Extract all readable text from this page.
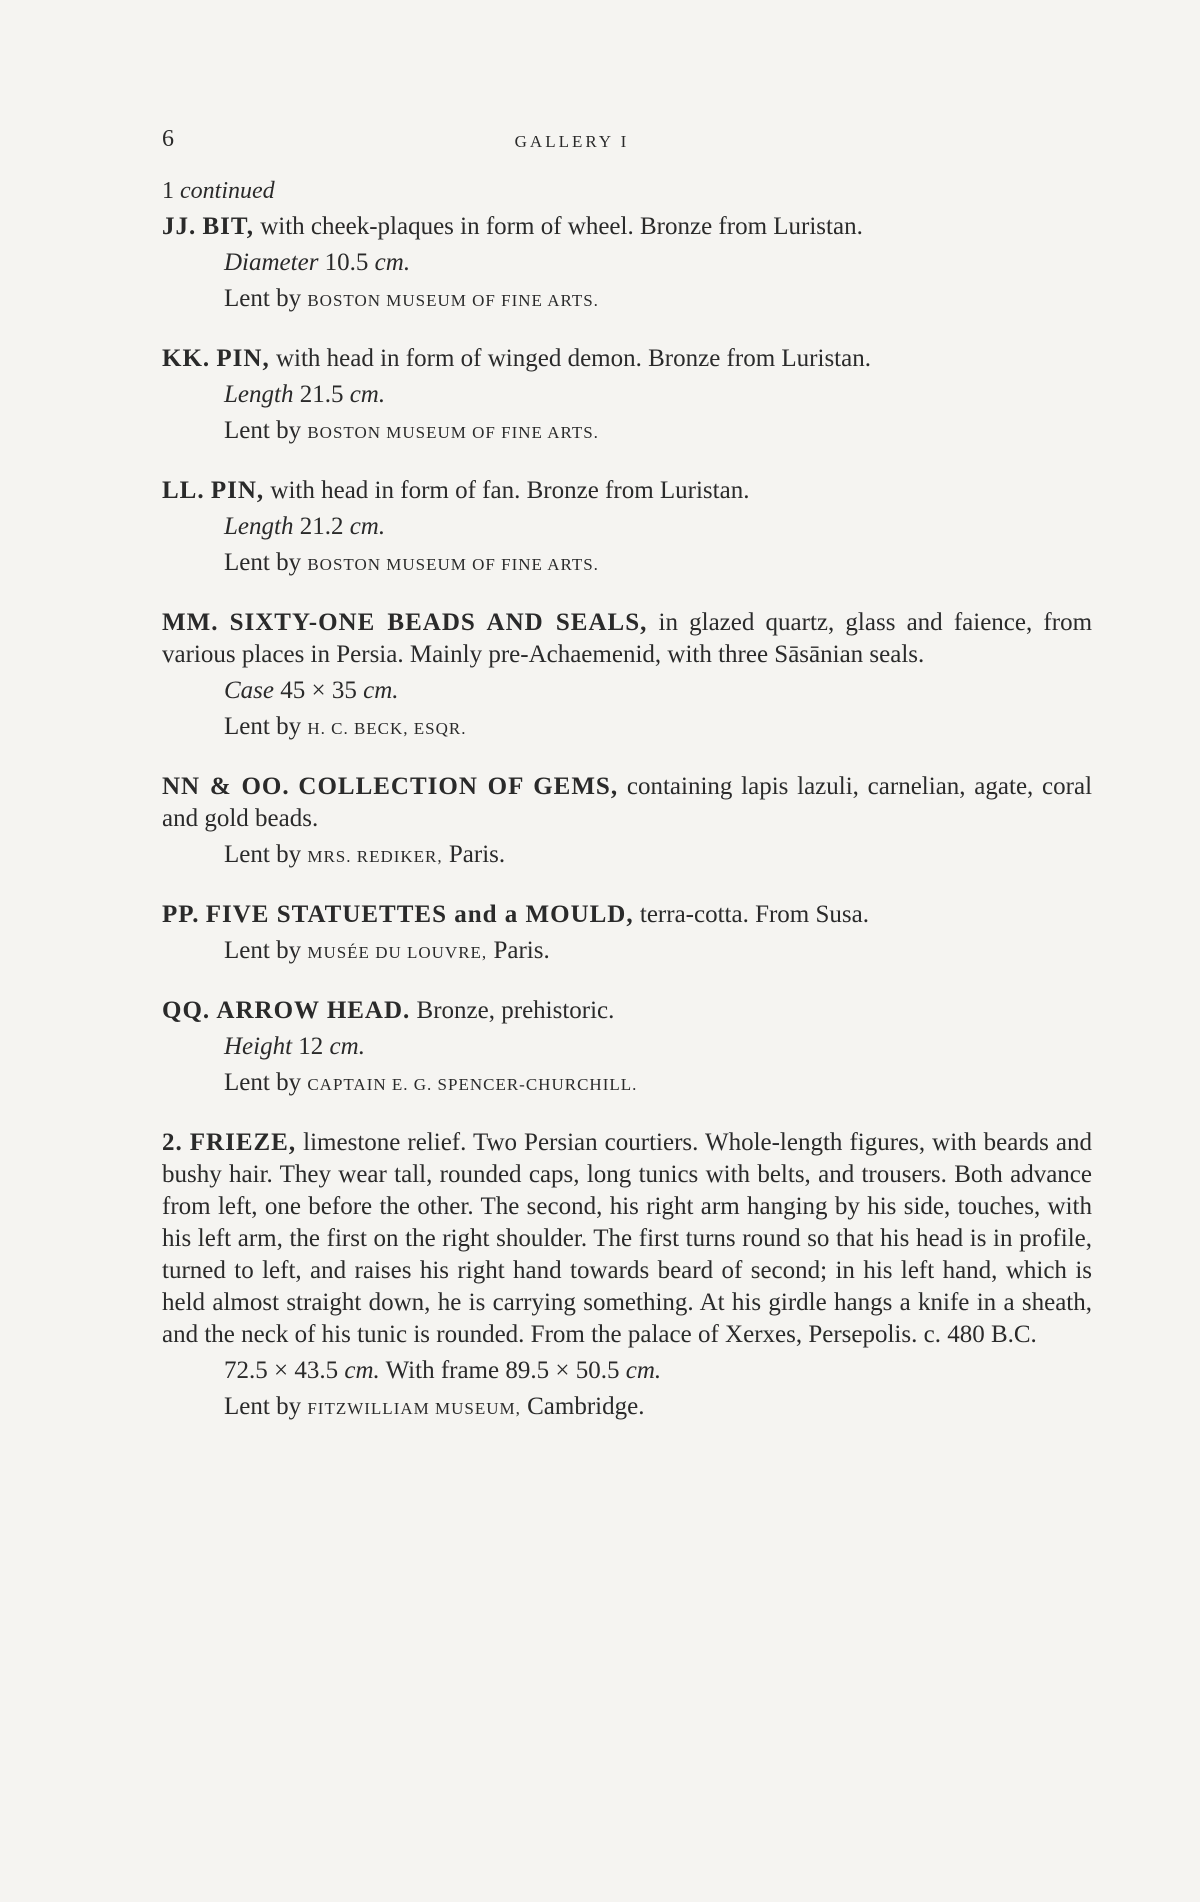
6	GALLERY I
1 continued
JJ. BIT, with cheek-plaques in form of wheel. Bronze from Luristan.
Diameter 10.5 cm.
Lent by BOSTON MUSEUM OF FINE ARTS.
KK. PIN, with head in form of winged demon. Bronze from Luristan.
Length 21.5 cm.
Lent by BOSTON MUSEUM OF FINE ARTS.
LL. PIN, with head in form of fan. Bronze from Luristan.
Length 21.2 cm.
Lent by BOSTON MUSEUM OF FINE ARTS.
MM. SIXTY-ONE BEADS AND SEALS, in glazed quartz, glass and faience, from various places in Persia. Mainly pre-Achaemenid, with three Sāsānian seals.
Case 45 × 35 cm.
Lent by H. C. BECK, ESQR.
NN & OO. COLLECTION OF GEMS, containing lapis lazuli, carnelian, agate, coral and gold beads.
Lent by MRS. REDIKER, Paris.
PP. FIVE STATUETTES and a MOULD, terra-cotta. From Susa.
Lent by MUSÉE DU LOUVRE, Paris.
QQ. ARROW HEAD. Bronze, prehistoric.
Height 12 cm.
Lent by CAPTAIN E. G. SPENCER-CHURCHILL.
2. FRIEZE, limestone relief. Two Persian courtiers. Whole-length figures, with beards and bushy hair. They wear tall, rounded caps, long tunics with belts, and trousers. Both advance from left, one before the other. The second, his right arm hanging by his side, touches, with his left arm, the first on the right shoulder. The first turns round so that his head is in profile, turned to left, and raises his right hand towards beard of second; in his left hand, which is held almost straight down, he is carrying something. At his girdle hangs a knife in a sheath, and the neck of his tunic is rounded. From the palace of Xerxes, Persepolis. c. 480 B.C.
72.5 × 43.5 cm. With frame 89.5 × 50.5 cm.
Lent by FITZWILLIAM MUSEUM, Cambridge.
